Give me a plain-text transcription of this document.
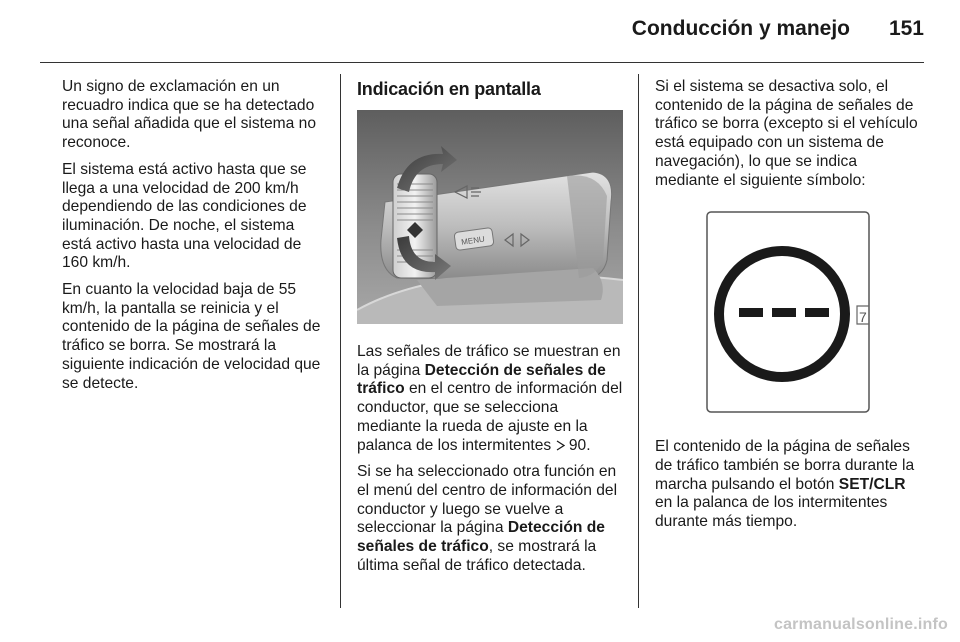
Conducción y manejo	151

Un signo de exclamación en un recuadro indica que se ha detectado una señal añadida que el sistema no reconoce.

El sistema está activo hasta que se llega a una velocidad de 200 km/h dependiendo de las condiciones de iluminación. De noche, el sistema está activo hasta una velocidad de 160 km/h.

En cuanto la velocidad baja de 55 km/h, la pantalla se reinicia y el contenido de la página de señales de tráfico se borra. Se mostrará la siguiente indicación de velocidad que se detecte.

Indicación en pantalla
MENU

Las señales de tráfico se muestran en la página Detección de señales de tráfico en el centro de información del conductor, que se selecciona mediante la rueda de ajuste en la palanca de los intermitentes  90.

Si se ha seleccionado otra función en el menú del centro de información del conductor y luego se vuelve a seleccionar la página Detección de señales de tráfico, se mostrará la última señal de tráfico detectada.

Si el sistema se desactiva solo, el contenido de la página de señales de tráfico se borra (excepto si el vehículo está equipado con un sistema de navegación), lo que se indica mediante el siguiente símbolo:

7

El contenido de la página de señales de tráfico también se borra durante la marcha pulsando el botón SET/CLR en la palanca de los intermitentes durante más tiempo.

carmanualsonline.info
